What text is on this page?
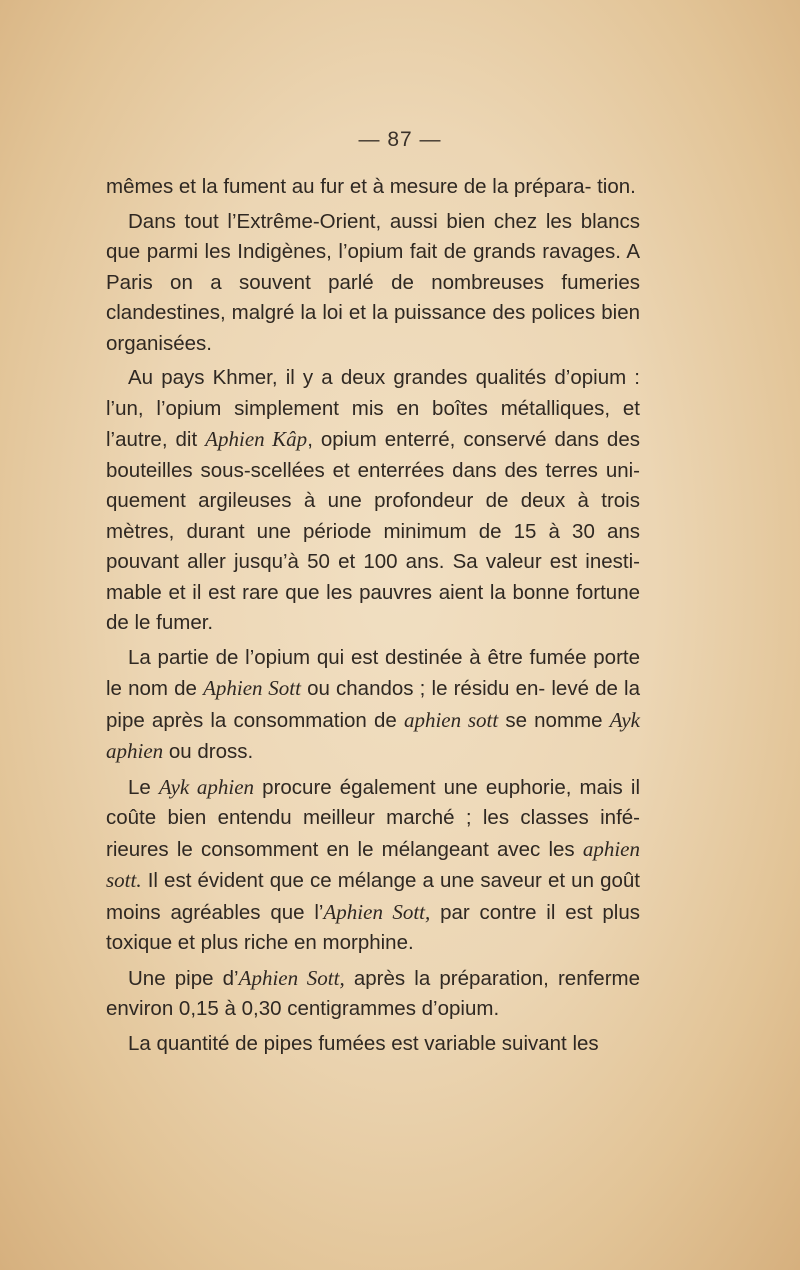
— 87 —

mêmes et la fument au fur et à mesure de la prépara- tion.

Dans tout l’Extrême-Orient, aussi bien chez les blancs que parmi les Indigènes, l’opium fait de grands ravages. A Paris on a souvent parlé de nombreuses fumeries clandestines, malgré la loi et la puissance des polices bien organisées.

Au pays Khmer, il y a deux grandes qualités d’opium : l’un, l’opium simplement mis en boîtes métalliques, et l’autre, dit Aphien Kâp, opium enterré, conservé dans des bouteilles sous-scellées et enterrées dans des terres uni- quement argileuses à une profondeur de deux à trois mètres, durant une période minimum de 15 à 30 ans pouvant aller jusqu’à 50 et 100 ans. Sa valeur est inesti- mable et il est rare que les pauvres aient la bonne fortune de le fumer.

La partie de l’opium qui est destinée à être fumée porte le nom de Aphien Sott ou chandos ; le résidu en- levé de la pipe après la consommation de aphien sott se nomme Ayk aphien ou dross.

Le Ayk aphien procure également une euphorie, mais il coûte bien entendu meilleur marché ; les classes infé- rieures le consomment en le mélangeant avec les aphien sott. Il est évident que ce mélange a une saveur et un goût moins agréables que l’Aphien Sott, par contre il est plus toxique et plus riche en morphine.

Une pipe d’Aphien Sott, après la préparation, renferme environ 0,15 à 0,30 centigrammes d’opium.

La quantité de pipes fumées est variable suivant les
